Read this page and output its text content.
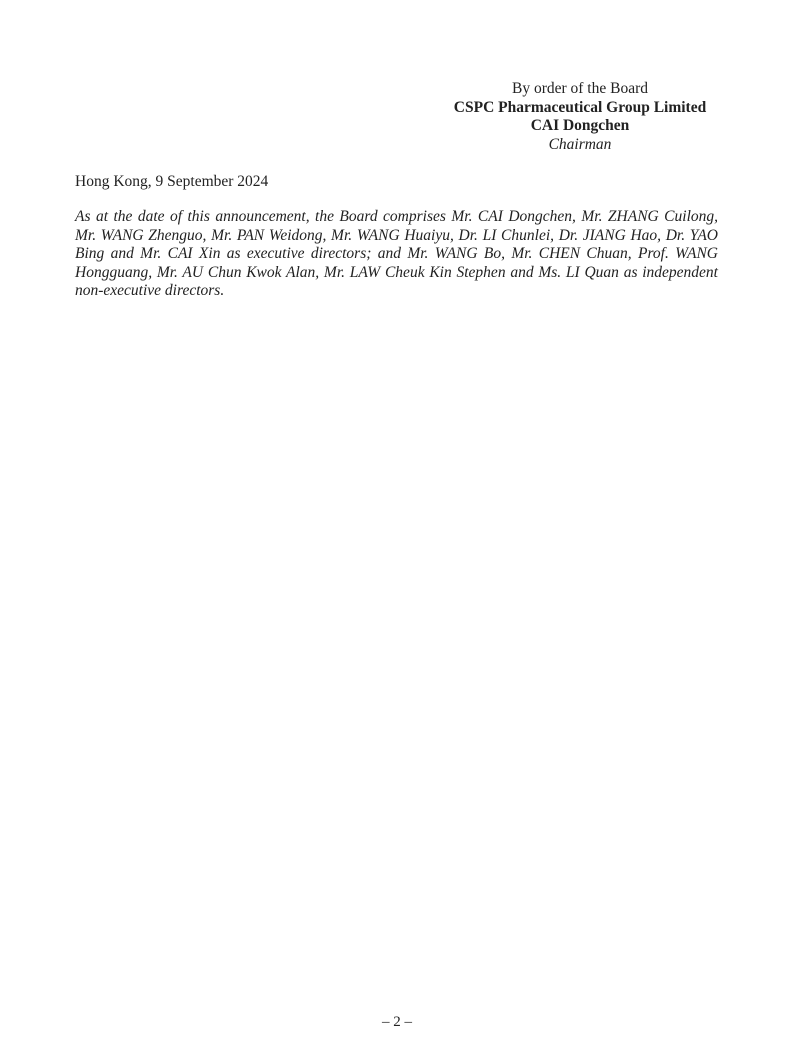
By order of the Board
CSPC Pharmaceutical Group Limited
CAI Dongchen
Chairman
Hong Kong, 9 September 2024
As at the date of this announcement, the Board comprises Mr. CAI Dongchen, Mr. ZHANG Cuilong, Mr. WANG Zhenguo, Mr. PAN Weidong, Mr. WANG Huaiyu, Dr. LI Chunlei, Dr. JIANG Hao, Dr. YAO Bing and Mr. CAI Xin as executive directors; and Mr. WANG Bo, Mr. CHEN Chuan, Prof. WANG Hongguang, Mr. AU Chun Kwok Alan, Mr. LAW Cheuk Kin Stephen and Ms. LI Quan as independent non-executive directors.
– 2 –
